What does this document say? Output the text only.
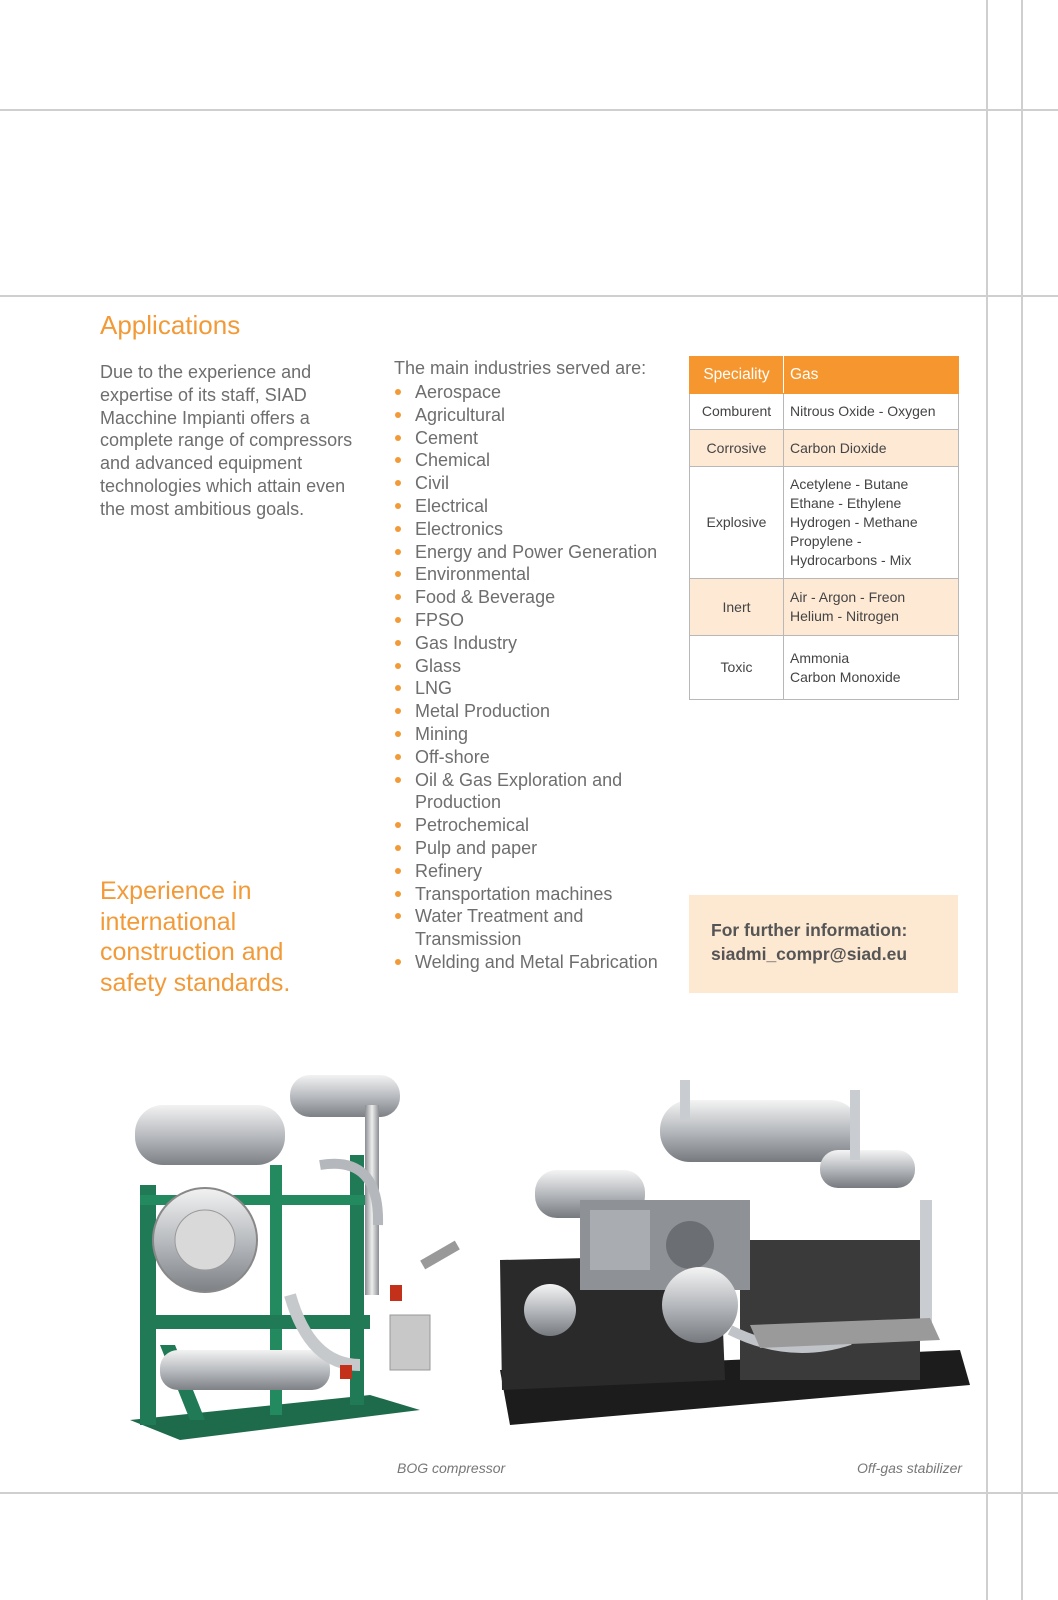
Applications

Due to the experience and expertise of its staff, SIAD Macchine Impianti offers a complete range of compressors and advanced equipment technologies which attain even the most ambitious goals.

Experience in international construction and safety standards.

The main industries served are:

Aerospace
Agricultural
Cement
Chemical
Civil
Electrical
Electronics
Energy and Power Generation
Environmental
Food & Beverage
FPSO
Gas Industry
Glass
LNG
Metal Production
Mining
Off-shore
Oil & Gas Exploration and Production
Petrochemical
Pulp and paper
Refinery
Transportation machines
Water Treatment and Transmission
Welding and Metal Fabrication
Speciality	Gas
Comburent	Nitrous Oxide - Oxygen

Corrosive	Carbon Dioxide

Explosive	Acetylene - Butane
Ethane - Ethylene
Hydrogen - Methane
Propylene -
Hydrocarbons - Mix

Inert	Air - Argon - Freon
Helium - Nitrogen

Toxic	Ammonia
Carbon Monoxide

For further information:

siadmi_compr@siad.eu

BOG compressor	Off-gas stabilizer
